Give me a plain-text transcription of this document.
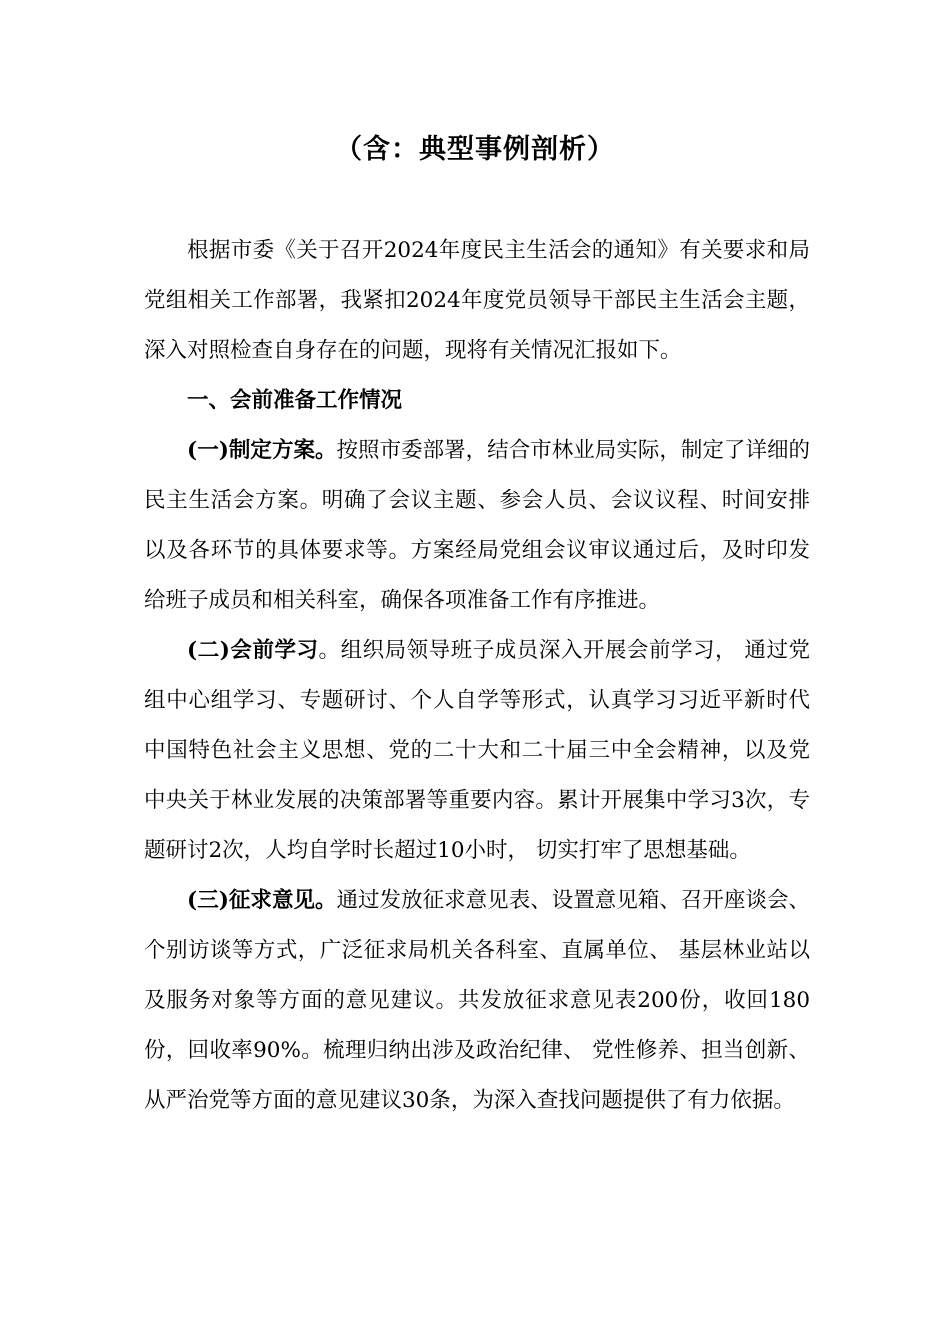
（含：典型事例剖析）

根据市委《关于召开2024年度民主生活会的通知》有关要求和局党组相关工作部署，我紧扣2024年度党员领导干部民主生活会主题，深入对照检查自身存在的问题，现将有关情况汇报如下。

一、会前准备工作情况

(一)制定方案。按照市委部署，结合市林业局实际，制定了详细的民主生活会方案。明确了会议主题、参会人员、会议议程、时间安排以及各环节的具体要求等。方案经局党组会议审议通过后，及时印发给班子成员和相关科室，确保各项准备工作有序推进。

(二)会前学习。组织局领导班子成员深入开展会前学习， 通过党组中心组学习、专题研讨、个人自学等形式，认真学习习近平新时代中国特色社会主义思想、党的二十大和二十届三中全会精神，以及党中央关于林业发展的决策部署等重要内容。累计开展集中学习3次，专题研讨2次，人均自学时长超过10小时， 切实打牢了思想基础。

(三)征求意见。通过发放征求意见表、设置意见箱、召开座谈会、个别访谈等方式，广泛征求局机关各科室、直属单位、 基层林业站以及服务对象等方面的意见建议。共发放征求意见表200份，收回180份，回收率90%。梳理归纳出涉及政治纪律、 党性修养、担当创新、从严治党等方面的意见建议30条，为深入查找问题提供了有力依据。
